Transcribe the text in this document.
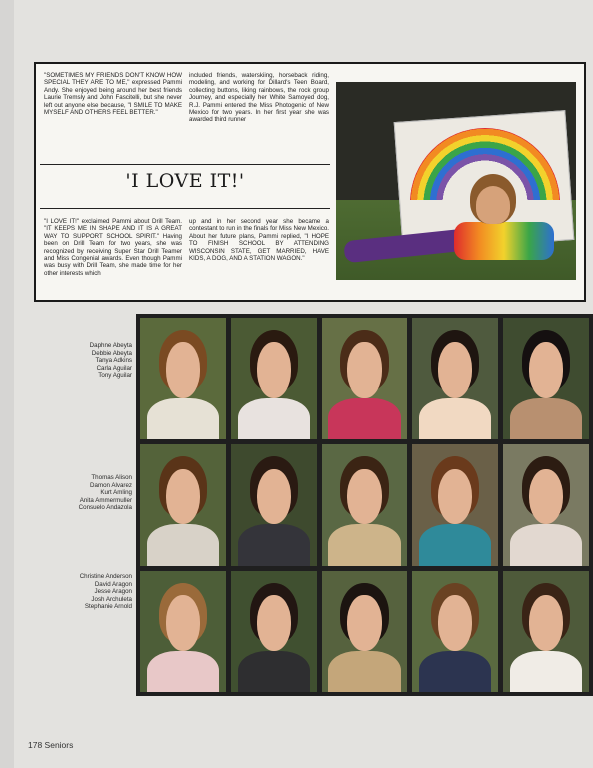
"SOMETIMES MY FRIENDS DON'T KNOW HOW SPECIAL THEY ARE TO ME," expressed Pammi Andy. She enjoyed being around her best friends Laurie Tremsly and John Fascitelli, but she never left out anyone else because, "I SMILE TO MAKE MYSELF AND OTHERS FEEL BETTER."

included friends, waterskiing, horseback riding, modeling, and working for Dillard's Teen Board, collecting buttons, liking rainbows, the rock group Journey, and especially her White Samoyed dog, R.J. Pammi entered the Miss Photogenic of New Mexico for two years. In her first year she was awarded third runner

'I LOVE IT!'

"I LOVE IT!" exclaimed Pammi about Drill Team. "IT KEEPS ME IN SHAPE AND IT IS A GREAT WAY TO SUPPORT SCHOOL SPIRIT." Having been on Drill Team for two years, she was recognized by receiving Super Star Drill Teamer and Miss Congenial awards. Even though Pammi was busy with Drill Team, she made time for her other interests which

up and in her second year she became a contestant to run in the finals for Miss New Mexico. About her future plans, Pammi replied, "I HOPE TO FINISH SCHOOL BY ATTENDING WISCONSIN STATE, GET MARRIED, HAVE KIDS, A DOG, AND A STATION WAGON."

Daphne Abeyta
Debbie Abeyta
Tanya Adkins
Carla Aguilar
Tony Aguilar
Thomas Alison
Damon Alvarez
Kurt Amling
Anita Ammermuller
Consuelo Andazola
Christine Anderson
David Aragon
Jesse Aragon
Josh Archuleta
Stephanie Arnold
178 Seniors
